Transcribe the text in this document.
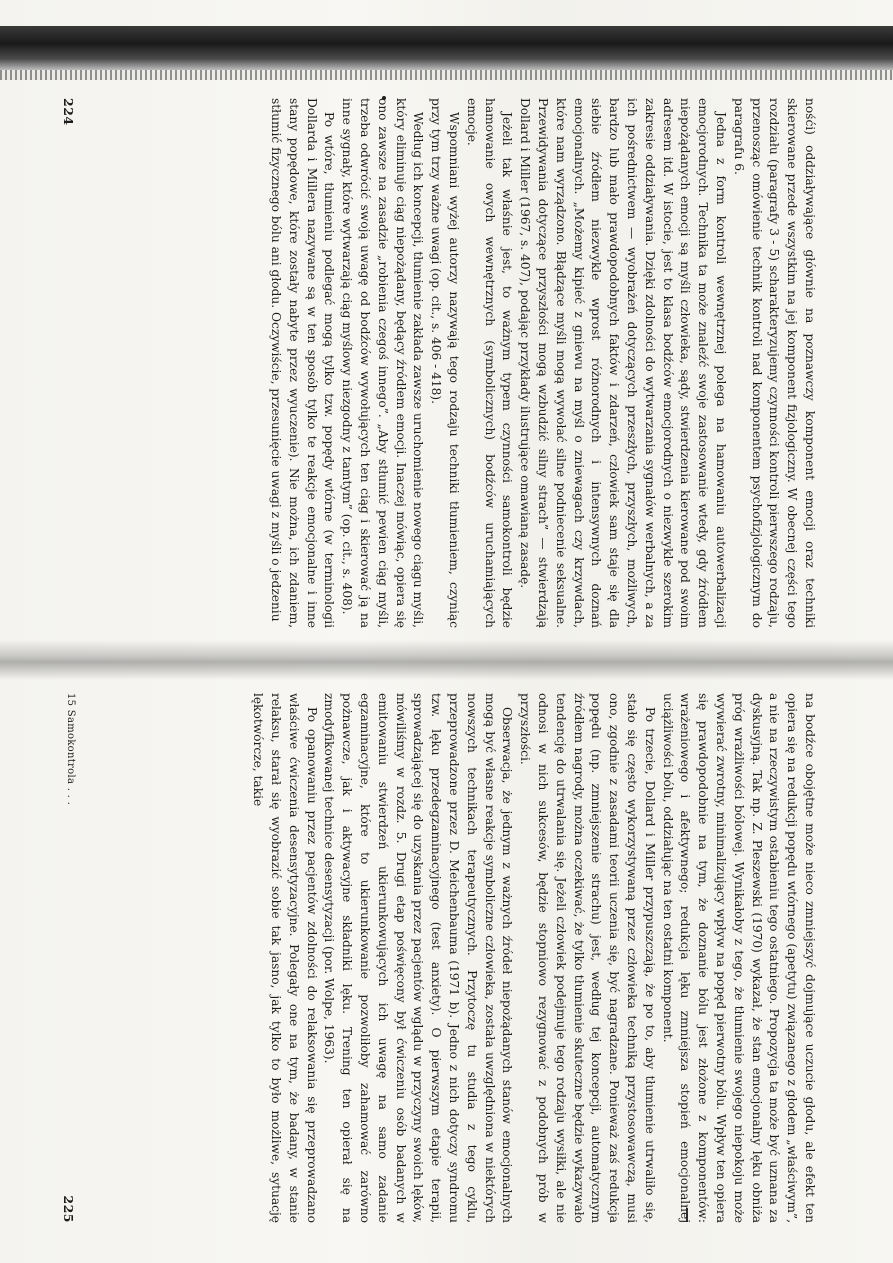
nośći) oddziaływające głównie na poznawczy komponent emocji oraz techniki skierowane przede wszystkim na jej komponent fizjologiczny. W obecnej części tego rozdziału (paragrafy 3 - 5) scharakteryzujemy czynności kontroli pierwszego rodzaju, przenosząc omówienie technik kontroli nad komponentem psychofizjologicznym do paragrafu 6.

Jedna z form kontroli wewnętrznej polega na hamowaniu autowerbalizacji emocjorodnych. Technika ta może znaleźć swoje zastosowanie wtedy, gdy źródłem niepożądanych emocji są myśli człowieka, sądy, stwierdzenia kierowane pod swoim adresem itd. W istocie, jest to klasa bodźców emocjorodnych o niezwykle szerokim zakresie oddziaływania. Dzięki zdolności do wytwarzania sygnałów werbalnych, a za ich pośrednictwem — wyobrażeń dotyczących przeszłych, przyszłych, możliwych, bardzo lub mało prawdopodobnych faktów i zdarzeń, człowiek sam staje się dla siebie źródłem niezwykle wprost różnorodnych i intensywnych doznań emocjonalnych. „Możemy kipieć z gniewu na myśl o zniewagach czy krzywdach, które nam wyrządzono. Błądzące myśli mogą wywołać silne podniecenie seksualne. Przewidywania dotyczące przyszłości mogą wzbudzić silny strach” — stwierdzają Dollard i Miller (1967, s. 407), podając przykłady ilustrujące omawianą zasadę.

Jeżeli tak właśnie jest, to ważnym typem czynności samokontroli będzie hamowanie owych wewnętrznych (symbolicznych) bodźców uruchamiających emocje.

Wspomniani wyżej autorzy nazywają tego rodzaju techniki tłumieniem, czyniąc przy tym trzy ważne uwagi (op. cit., s. 406 - 418).

Według ich koncepcji, tłumienie zakłada zawsze uruchomienie nowego ciągu myśli, który eliminuje ciąg niepożądany, będący źródłem emocji. Inaczej mówiąc, opiera się ono zawsze na zasadzie „robienia czegoś innego”. „Aby stłumić pewien ciąg myśli, trzeba odwrócić swoją uwagę od bodźców wywołujących ten ciąg i skierować ją na inne sygnały, które wytwarzają ciąg myślowy niezgodny z tamtym” (op. cit., s. 408).

Po wtóre, tłumieniu podlegać mogą tylko tzw. popędy wtórne (w terminologii Dollarda i Millera nazywane są w ten sposób tylko te reakcje emocjonalne i inne stany popędowe, które zostały nabyte przez wyuczenie). Nie można, ich zdaniem, stłumić fizycznego bólu ani głodu. Oczywiście, przesunięcie uwagi z myśli o jedzeniu

224

na bodźce obojętne może nieco zmniejszyć dojmujące uczucie głodu, ale efekt ten opiera się na redukcji popędu wtórnego (apetytu) związanego z głodem „właściwym”, a nie na rzeczywistym ostabieniu tego ostatniego. Propozycja ta może być uznana za dyskusyjną. Tak np. Z. Pleszewski (1970) wykazał, że stan emocjonalny lęku obniża próg wrażliwości bólowej. Wynikałoby z tego, że tłumienie swojego niepokoju może wywierać zwrotny, minimalizujący wpływ na popęd pierwotny bólu. Wpływ ten opiera się prawdopodobnie na tym, że doznanie bólu jest złożone z komponentów: wrażeniowego i afektywnego; redukcja lęku zmniejsza stopień emocjonalnej uciążliwości bólu, oddziałując na ten ostatni komponent.

Po trzecie, Dollard i Miller przypuszczają, że po to, aby tłumienie utrwaliło się, stało się często wykorzystywaną przez człowieka techniką przystosowawczą, musi ono, zgodnie z zasadami teorii uczenia się, być nagradzane. Ponieważ zaś redukcja popędu (np. zmniejszenie strachu) jest, według tej koncepcji, automatycznym źródłem nagrody, można oczekiwać, że tylko tłumienie skuteczne będzie wykazywało tendencję do utrwalania się. Jeżeli człowiek podejmuje tego rodzaju wysiłki, ale nie odnosi w nich sukcesów, będzie stopniowo rezygnować z podobnych prób w przyszłości.

Obserwacja, że jednym z ważnych źródeł niepożądanych stanów emocjonalnych mogą być własne reakcje symboliczne człowieka, została uwzględniona w niektórych nowszych technikach terapeutycznych. Przytoczę tu studia z tego cyklu, przeprowadzone przez D. Meichenbauma (1971 b). Jedno z nich dotyczy syndromu tzw. lęku przedegzaminacyjnego (test anxiety). O pierwszym etapie terapii, sprowadzającej się do uzyskania przez pacjentów wglądu w przyczyny swoich lęków, mówiliśmy w rozdz. 5. Drugi etap poświęcony był ćwiczeniu osób badanych w emitowaniu stwierdzeń ukierunkowujących ich uwagę na samo zadanie egzaminacyjne, które to ukierunkowanie pozwoliłoby zahamować zarówno pożnawcze, jak i aktywacyjne składniki lęku. Trening ten opierał się na zmodyfikowanej technice desensytyzacji (por. Wolpe, 1963).

Po opanowaniu przez pacjentów zdolności do relaksowania się przeprowadzano właściwe ćwiczenia desensytyzacyjne. Polegały one na tym, że badany, w stanie relaksu, starał się wyobrazić sobie tak jasno, jak tylko to było możliwe, sytuację lękotwórcze, takie

15 Samokontrola . . .
225
